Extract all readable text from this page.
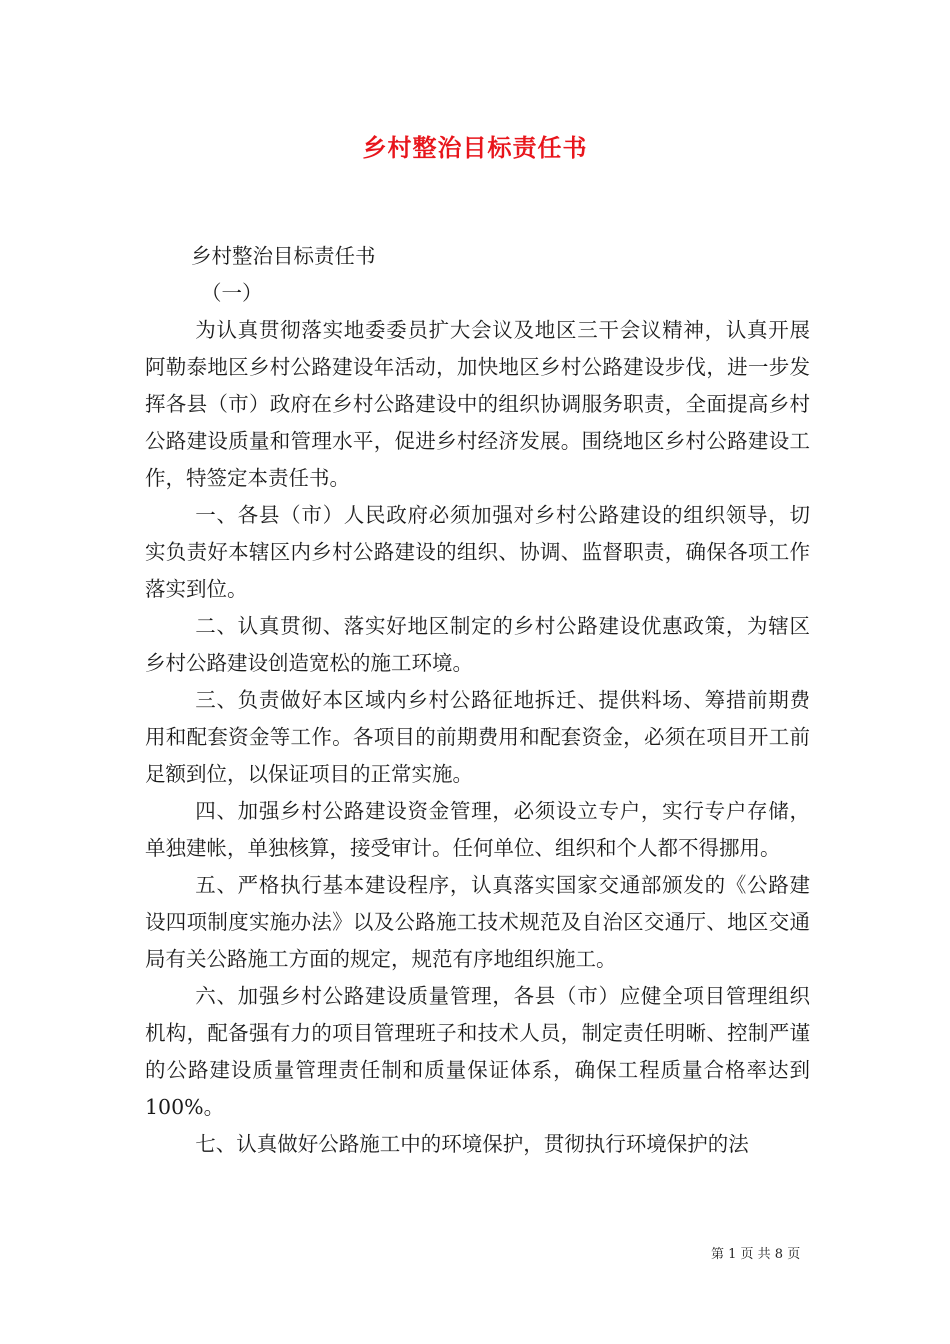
乡村整治目标责任书

乡村整治目标责任书

（一）

为认真贯彻落实地委委员扩大会议及地区三干会议精神，认真开展阿勒泰地区乡村公路建设年活动，加快地区乡村公路建设步伐，进一步发挥各县（市）政府在乡村公路建设中的组织协调服务职责，全面提高乡村公路建设质量和管理水平，促进乡村经济发展。围绕地区乡村公路建设工作，特签定本责任书。

一、各县（市）人民政府必须加强对乡村公路建设的组织领导，切实负责好本辖区内乡村公路建设的组织、协调、监督职责，确保各项工作落实到位。

二、认真贯彻、落实好地区制定的乡村公路建设优惠政策，为辖区乡村公路建设创造宽松的施工环境。

三、负责做好本区域内乡村公路征地拆迁、提供料场、筹措前期费用和配套资金等工作。各项目的前期费用和配套资金，必须在项目开工前足额到位，以保证项目的正常实施。

四、加强乡村公路建设资金管理，必须设立专户，实行专户存储，单独建帐，单独核算，接受审计。任何单位、组织和个人都不得挪用。

五、严格执行基本建设程序，认真落实国家交通部颁发的《公路建设四项制度实施办法》以及公路施工技术规范及自治区交通厅、地区交通局有关公路施工方面的规定，规范有序地组织施工。

六、加强乡村公路建设质量管理，各县（市）应健全项目管理组织机构，配备强有力的项目管理班子和技术人员，制定责任明晰、控制严谨的公路建设质量管理责任制和质量保证体系，确保工程质量合格率达到100%。

七、认真做好公路施工中的环境保护，贯彻执行环境保护的法

第 1 页 共 8 页
